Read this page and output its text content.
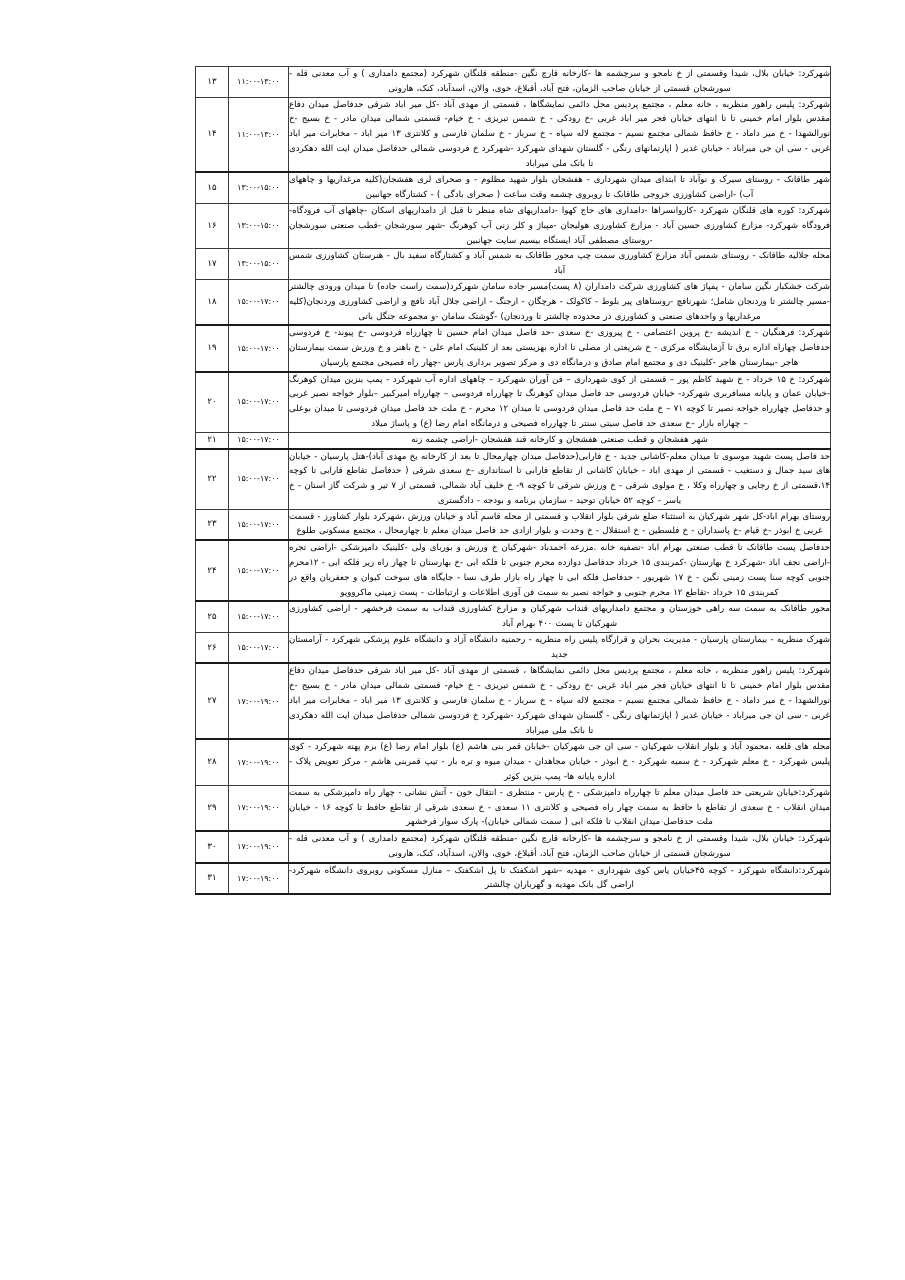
شهرکرد: خیابان بلال، شیدا وقسمتی از خ نامجو و سرچشمه ها -کارخانه قارچ نگین -منطقه قلنگان شهرکرد (مجتمع دامداری ) و آب معدنی قله - سورشجان قسمتی از خیابان صاحب الزمان، فتح آباد، أقبلاغ، خوی، والان، اسدآباد، کنک، هارونی	۱۱:۰۰-۱۳:۰۰	۱۳
شهرکرد: پلیس راهور منظربه ، خانه معلم ، مجتمع پردیس محل دائمی نمایشگاها ، قسمتی از مهدی آباد -کل میر اباد شرقی حدفاصل میدان دفاع مقدس بلوار امام خمینی تا تا انتهای خیابان فجر میر اباد غربی -خ رودکی - خ شمس تبریزی - خ خیام- قسمتی شمالی میدان مادر - خ بسیج -خ نورالشهدا - خ میر داماد - خ حافظ شمالی مجتمع نسیم - مجتمع لاله سپاه - خ سرباز - خ سلمان فارسی و کلانتری ۱۳ میر اباد - مخابرات میر اباد غربی - سی ان جی میراباد - خیابان غدیر ( اپارتمانهای رنگی - گلستان شهدای شهرکرد -شهرکرد خ فردوسی شمالی حدفاصل میدان ایت الله دهکردی تا باتک ملی میراباد	۱۱:۰۰-۱۳:۰۰	۱۴
شهر طاقانک - روستای سیرک و نوآباد تا ابتدای میدان شهرداری - هفشجان بلوار شهید مظلوم - و صحرای لری هفشجان(کلیه مرغداریها و چاههای آب) -اراضی کشاورزی خروجی طاقانک تا روبروی چشمه وقت ساعت ( صحرای بادگی ) - کشتارگاه جهانبین	۱۳:۰۰-۱۵:۰۰	۱۵
شهرکرد: کوره های قلنگان شهرکرد -کاروانسراها -دامداری های حاج کهوا -دامداریهای شاه منظر تا قبل از دامداریهای اسکان -چاههای آب فرودگاه-فرودگاه شهرکرد- مزارع کشاورزی حسین آباد - مزارع کشاورزی هولیجان -مپباژ و کلر زنی آب کوهرنگ -شهر سورشجان -قطب صنعتی سورشجان -روستای مصطفی آباد ایستگاه بیسیم سایت جهانبین	۱۳:۰۰-۱۵:۰۰	۱۶
محله جلالیه طاقانک - روستای شمس آباد مزارع کشاورزی سمت چپ محور طاقانک به شمس آباد و کشتارگاه سفید بال - هنرستان کشاورزی شمس آباد	۱۳:۰۰-۱۵:۰۰	۱۷
شرکت خشکبار نگین سامان - پمپاژ های کشاورزی شرکت دامداران (۸ پست)مسیر جاده سامان شهرکرد(سمت راست جاده) تا میدان ورودی چالشتر -مسیر چالشتر تا وردنجان شامل؛ شهرنافچ -روستاهای پیر بلوط - کاکولک - هرچگان - ارجنگ - اراضی جلال آباد نافچ و اراضی کشاورزی وردنجان(کلیه مرغداریها و واحدهای صنعتی و کشاورزی در محدوده چالشتر تا وردنجان) -گوشتک سامان -و مجموعه جنگل باتی	۱۵:۰۰-۱۷:۰۰	۱۸
شهرکرد: فرهنگیان - خ اندیشه -خ پروین اعتصامی - خ پیروزی -خ سعدی -حد فاصل میدان امام حسین تا چهارراه فردوسی -خ پیوند- خ فردوسی حدفاصل چهاراه اداره برق تا آزمایشگاه مرکزی - خ شریعتی از مصلی تا اداره بهزیستی بعد از کلینیک امام علی - خ باهنر و خ ورزش سمت بیمارستان هاجر -بیمارستان هاجر -کلینیک دی و مجتمع امام صادق و درمانگاه دی و مرکز تصویر برداری پارس -چهار راه فصیحی مجتمع پارسیان	۱۵:۰۰-۱۷:۰۰	۱۹
شهرکرد: خ ۱۵ خرداد - خ شهید کاظم پور – قسمتی از کوی شهرداری – فن آوران شهرکرد – چاههای اداره آب شهرکرد - پمپ بنزین میدان کوهرنگ -خیابان عمان و پایانه مسافربری شهرکرد- خیابان فردوسی حد فاصل میدان کوهرنگ تا چهارراه فردوسی – چهارراه امیرکبیر –بلوار خواجه نصیر غربی و حدفاصل چهارراه خواجه نصیر تا کوچه ۷۱ – خ ملت حد فاصل میدان فردوسی تا میدان ۱۲ محرم - خ ملت حد فاصل میدان فردوسی تا میدان بوعلی – چهاراه بازار –خ سعدی حد فاصل سیتی سنتر تا چهارراه فصیحی و درمانگاه امام رضا (ع) و پاساژ میلاد	۱۵:۰۰-۱۷:۰۰	۲۰
شهر هفشجان و قطب صنعتی هفشجان و کارخانه قند هفشجان -اراضی چشمه زنه	۱۵:۰۰-۱۷:۰۰	۲۱
حد فاصل پست شهید موسوی تا میدان معلم-کاشانی جدید - خ فارابی(حدفاصل میدان چهارمحال تا بعد از کارخانه یخ مهدی آباد)-هتل پارسیان - خیابان های سید جمال و دستغیب - قسمتی از مهدی اباد - خیابان کاشانی از تقاطع فارابی تا استانداری -خ سعدی شرقی ( حدفاصل تقاطع فارابی تا کوچه ۱۴،قسمتی از خ رجایی و چهارراه وکلا ، خ مولوی شرقی - خ ورزش شرقی تا کوچه ۹- خ خلیف آباد شمالی، قسمتی از ۷ تیر و شرکت گاز استان - خ یاسر - کوچه ۵۲ خیابان توحید - سازمان برنامه و بودجه - دادگستری	۱۵:۰۰-۱۷:۰۰	۲۲
روستای بهرام اباد-کل شهر شهرکیان به استثناء ضلع شرقی بلوار انقلاب و قسمتی از محله قاسم آباد و خیابان ورزش ،شهرکرد بلوار کشاورز - قسمت غربی خ ابوذر -خ قیام -خ پاسداران - خ فلسطین - خ استقلال - خ وحدت و بلوار ازادی حد فاصل میدان معلم تا چهارمحال ، مجتمع مسکونی طلوع	۱۵:۰۰-۱۷:۰۰	۲۳
حدفاصل پست طاقانک تا قطب صنعتی بهرام اباد -تصفیه خانه .مزرعه احمدباد -شهرکیان خ ورزش و بوربای ولی -کلینیک دامپزشکی -اراضی تجره -اراضی نجف اباد -شهرکرد خ بهارستان -کمربندی ۱۵ خرداد حدفاصل دوازده محرم جنوبی تا فلکه ابی -خ بهارستان تا چهار راه زیر فلکه ابی - ۱۲محرم جنوبی کوچه سنا پست زمینی نگین - خ ۱۷ شهریور - حدفاصل فلکه ابی تا چهار راه بازار طرف نسا - جایگاه های سوخت کیوان و جعفریان واقع در کمربندی ۱۵ خرداد -تقاطع ۱۲ محرم جنوبی و خواجه نصیر به سمت فن آوری اطلاعات و ارتباطات - پست زمینی ماکروویو	۱۵:۰۰-۱۷:۰۰	۲۴
محور طاقانک به سمت سه راهی خوزستان و مجتمع دامداریهای قنداب شهرکیان و مزارع کشاورزی قنداب به سمت فرخشهر - اراضی کشاورزی شهرکیان تا پست ۴۰۰ بهرام آباد	۱۵:۰۰-۱۷:۰۰	۲۵
شهرک منظریه - بیمارستان پارسیان - مدیریت بحران و قرارگاه پلیس راه منظریه - رحمتیه دانشگاه آزاد و دانشگاه علوم پزشکی شهرکرد - آرامستان جدید	۱۵:۰۰-۱۷:۰۰	۲۶
شهرکرد: پلیس راهور منظربه ، خانه معلم ، مجتمع پردیس محل دائمی نمایشگاها ، قسمتی از مهدی آباد -کل میر اباد شرقی حدفاصل میدان دفاع مقدس بلوار امام خمینی تا تا انتهای خیابان فجر میر اباد غربی -خ رودکی - خ شمس تبریزی - خ خیام- قسمتی شمالی میدان مادر - خ بسیج -خ نورالشهدا - خ میر داماد - خ حافظ شمالی مجتمع نسیم - مجتمع لاله سپاه - خ سرباز - خ سلمان فارسی و کلانتری ۱۳ میر اباد - مخابرات میر اباد غربی - سی ان جی میراباد - خیابان غدیر ( اپارتمانهای رنگی - گلستان شهدای شهرکرد -شهرکرد خ فردوسی شمالی حدفاصل میدان ایت الله دهکردی تا باتک ملی میراباد	۱۷:۰۰-۱۹:۰۰	۲۷
محله های قلعه ،محمود آباد و بلوار انقلاب شهرکیان - سی ان جی شهرکیان -خیابان قمر بنی هاشم (ع) بلوار امام رضا (ع) برم پهنه شهرکرد - کوی پلیس شهرکرد - خ معلم شهرکرد - خ سمیه شهرکرد - خ ابوذر - خیابان مجاهدان - میدان میوه و تره بار - تیپ قمربنی هاشم - مرکز تعویض پلاک - اداره پایانه ها- پمپ بنزین کوثر	۱۷:۰۰-۱۹:۰۰	۲۸
شهرکرد:خیابان شریعتی حد فاصل میدان معلم تا چهارراه دامپزشکی - خ پارس - منتظری - انتقال خون - آتش نشانی - چهار راه دامپزشکی به سمت میدان انقلاب - خ سعدی از تقاطع با حافظ به سمت چهار راه فصیحی و کلانتری ۱۱ سعدی - خ سعدی شرقی از تقاطع حافظ تا کوچه ۱۶ - خیابان ملت حدفاصل میدان انقلاب تا فلکه ابی ( سمت شمالی خیابان)- پارک سوار فرخشهر	۱۷:۰۰-۱۹:۰۰	۲۹
شهرکرد: خیابان بلال، شیدا وقسمتی از خ نامجو و سرچشمه ها -کارخانه قارچ نگین -منطقه قلنگان شهرکرد (مجتمع دامداری ) و آب معدنی قله - سورشجان قسمتی از خیابان صاحب الزمان، فتح آباد، أقبلاغ، خوی، والان، اسدآباد، کنک، هارونی	۱۷:۰۰-۱۹:۰۰	۳۰
شهرکرد:دانشگاه شهرکرد - کوچه ۴۵خیابان یاس کوی شهرداری - مهدیه –شهر اشکفتک تا پل اشکفتک – منازل مسکونی روبروی دانشگاه شهرکرد-اراضی گل بانک مهدیه و گهرباران چالشتر	۱۷:۰۰-۱۹:۰۰	۳۱
